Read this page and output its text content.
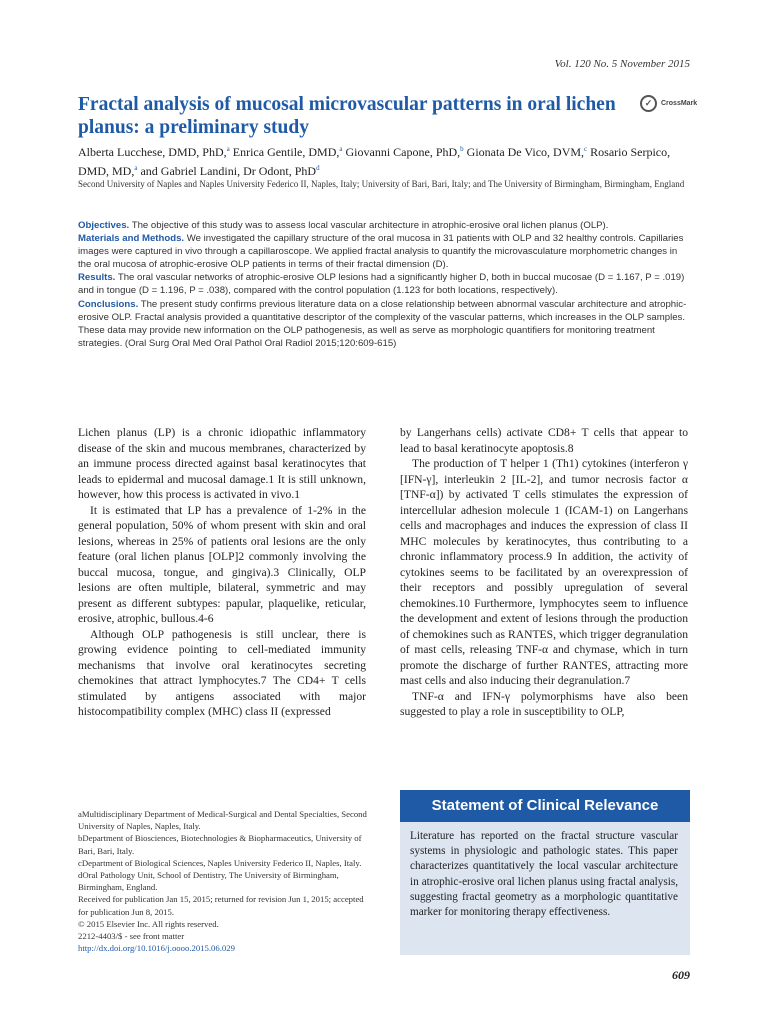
Vol. 120 No. 5 November 2015
Fractal analysis of mucosal microvascular patterns in oral lichen planus: a preliminary study
✓	CrossMark
Alberta Lucchese, DMD, PhD,$^a$ Enrica Gentile, DMD,$^a$ Giovanni Capone, PhD,$^b$ Gionata De Vico, DVM,$^c$ Rosario Serpico, DMD, MD,$^a$ and Gabriel Landini, Dr Odont, PhD$^d$
Second University of Naples and Naples University Federico II, Naples, Italy; University of Bari, Bari, Italy; and The University of Birmingham, Birmingham, England

Objectives. The objective of this study was to assess local vascular architecture in atrophic-erosive oral lichen planus (OLP).

Materials and Methods. We investigated the capillary structure of the oral mucosa in 31 patients with OLP and 32 healthy controls. Capillaries images were captured in vivo through a capillaroscope. We applied fractal analysis to quantify the microvasculature morphometric changes in the oral mucosa of atrophic-erosive OLP patients in terms of their fractal dimension (D).

Results. The oral vascular networks of atrophic-erosive OLP lesions had a significantly higher D, both in buccal mucosae (D = 1.167, P = .019) and in tongue (D = 1.196, P = .038), compared with the control population (1.123 for both locations, respectively).

Conclusions. The present study confirms previous literature data on a close relationship between abnormal vascular architecture and atrophic-erosive OLP. Fractal analysis provided a quantitative descriptor of the complexity of the vascular patterns, which increases in the OLP samples. These data may provide new information on the OLP pathogenesis, as well as serve as morphologic quantifiers for monitoring treatment strategies. (Oral Surg Oral Med Oral Pathol Oral Radiol 2015;120:609-615)

Lichen planus (LP) is a chronic idiopathic inflammatory disease of the skin and mucous membranes, characterized by an immune process directed against basal keratinocytes that leads to epidermal and mucosal damage.1 It is still unknown, however, how this process is activated in vivo.1

It is estimated that LP has a prevalence of 1-2% in the general population, 50% of whom present with skin and oral lesions, whereas in 25% of patients oral lesions are the only feature (oral lichen planus [OLP]2 commonly involving the buccal mucosa, tongue, and gingiva).3 Clinically, OLP lesions are often multiple, bilateral, symmetric and may present as different subtypes: papular, plaquelike, reticular, erosive, atrophic, bullous.4-6

Although OLP pathogenesis is still unclear, there is growing evidence pointing to cell-mediated immunity mechanisms that involve oral keratinocytes secreting chemokines that attract lymphocytes.7 The CD4+ T cells stimulated by antigens associated with major histocompatibility complex (MHC) class II (expressed

by Langerhans cells) activate CD8+ T cells that appear to lead to basal keratinocyte apoptosis.8

The production of T helper 1 (Th1) cytokines (interferon γ [IFN-γ], interleukin 2 [IL-2], and tumor necrosis factor α [TNF-α]) by activated T cells stimulates the expression of intercellular adhesion molecule 1 (ICAM-1) on Langerhans cells and macrophages and induces the expression of class II MHC molecules by keratinocytes, thus contributing to a chronic inflammatory process.9 In addition, the activity of cytokines seems to be facilitated by an overexpression of their receptors and possibly upregulation of several chemokines.10 Furthermore, lymphocytes seem to influence the development and extent of lesions through the production of chemokines such as RANTES, which trigger degranulation of mast cells, releasing TNF-α and chymase, which in turn promote the discharge of further RANTES, attracting more mast cells and also inducing their degranulation.7

TNF-α and IFN-γ polymorphisms have also been suggested to play a role in susceptibility to OLP,

aMultidisciplinary Department of Medical-Surgical and Dental Specialties, Second University of Naples, Naples, Italy.

bDepartment of Biosciences, Biotechnologies & Biopharmaceutics, University of Bari, Bari, Italy.

cDepartment of Biological Sciences, Naples University Federico II, Naples, Italy.

dOral Pathology Unit, School of Dentistry, The University of Birmingham, Birmingham, England.

Received for publication Jan 15, 2015; returned for revision Jun 1, 2015; accepted for publication Jun 8, 2015.

© 2015 Elsevier Inc. All rights reserved.

2212-4403/$ - see front matter

http://dx.doi.org/10.1016/j.oooo.2015.06.029

Statement of Clinical Relevance
Literature has reported on the fractal structure vascular systems in physiologic and pathologic states. This paper characterizes quantitatively the local vascular architecture in atrophic-erosive oral lichen planus using fractal analysis, suggesting fractal geometry as a morphologic quantitative marker for monitoring therapy effectiveness.
609
